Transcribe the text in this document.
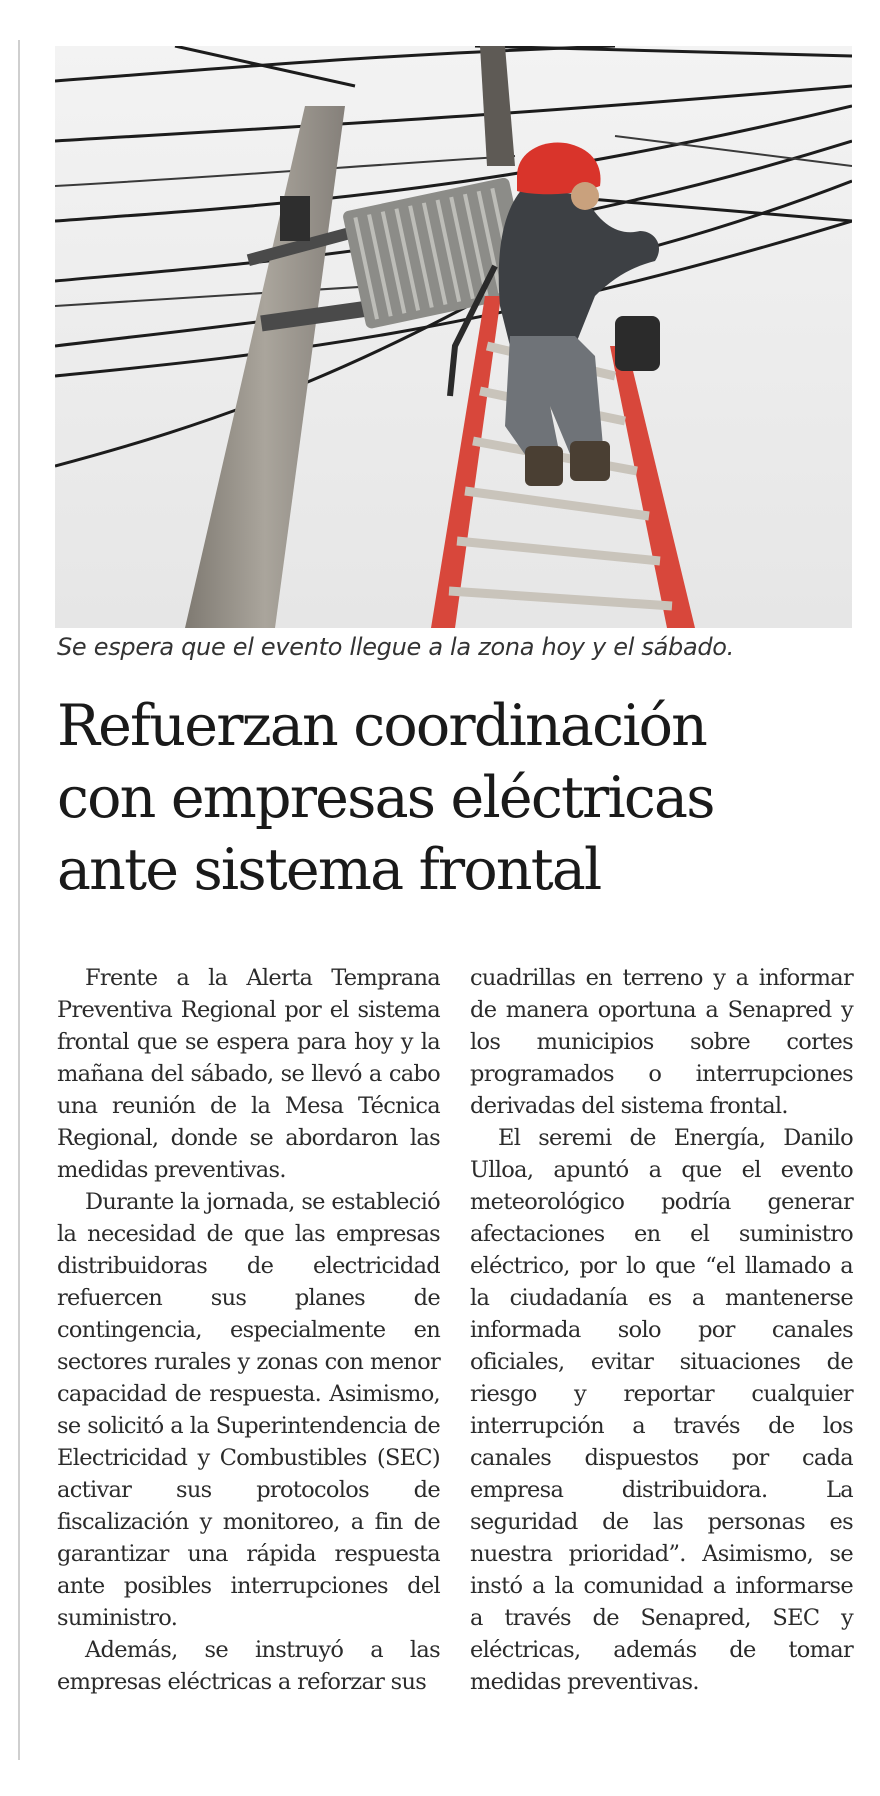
Se espera que el evento llegue a la zona hoy y el sábado.
Refuerzan coordinación
con empresas eléctricas
ante sistema frontal

Frente a la Alerta Temprana Preventiva Regional por el sistema frontal que se espera para hoy y la mañana del sábado, se llevó a cabo una reunión de la Mesa Técnica Regional, donde se abordaron las medidas preventivas.

Durante la jornada, se estableció la necesidad de que las empresas distribuidoras de electricidad refuercen sus planes de contingencia, especialmente en sectores rurales y zonas con menor capacidad de respuesta. Asimismo, se solicitó a la Superintendencia de Electricidad y Combustibles (SEC) activar sus protocolos de fiscalización y monitoreo, a fin de garantizar una rápida respuesta ante posibles interrupciones del suministro.

Además, se instruyó a las empresas eléctricas a reforzar sus

cuadrillas en terreno y a informar de manera oportuna a Senapred y los municipios sobre cortes programados o interrupciones derivadas del sistema frontal.

El seremi de Energía, Danilo Ulloa, apuntó a que el evento meteorológico podría generar afectaciones en el suministro eléctrico, por lo que “el llamado a la ciudadanía es a mantenerse informada solo por canales oficiales, evitar situaciones de riesgo y reportar cualquier interrupción a través de los canales dispuestos por cada empresa distribuidora. La seguridad de las personas es nuestra prioridad”. Asimismo, se instó a la comunidad a informarse a través de Senapred, SEC y eléctricas, además de tomar medidas preventivas.
